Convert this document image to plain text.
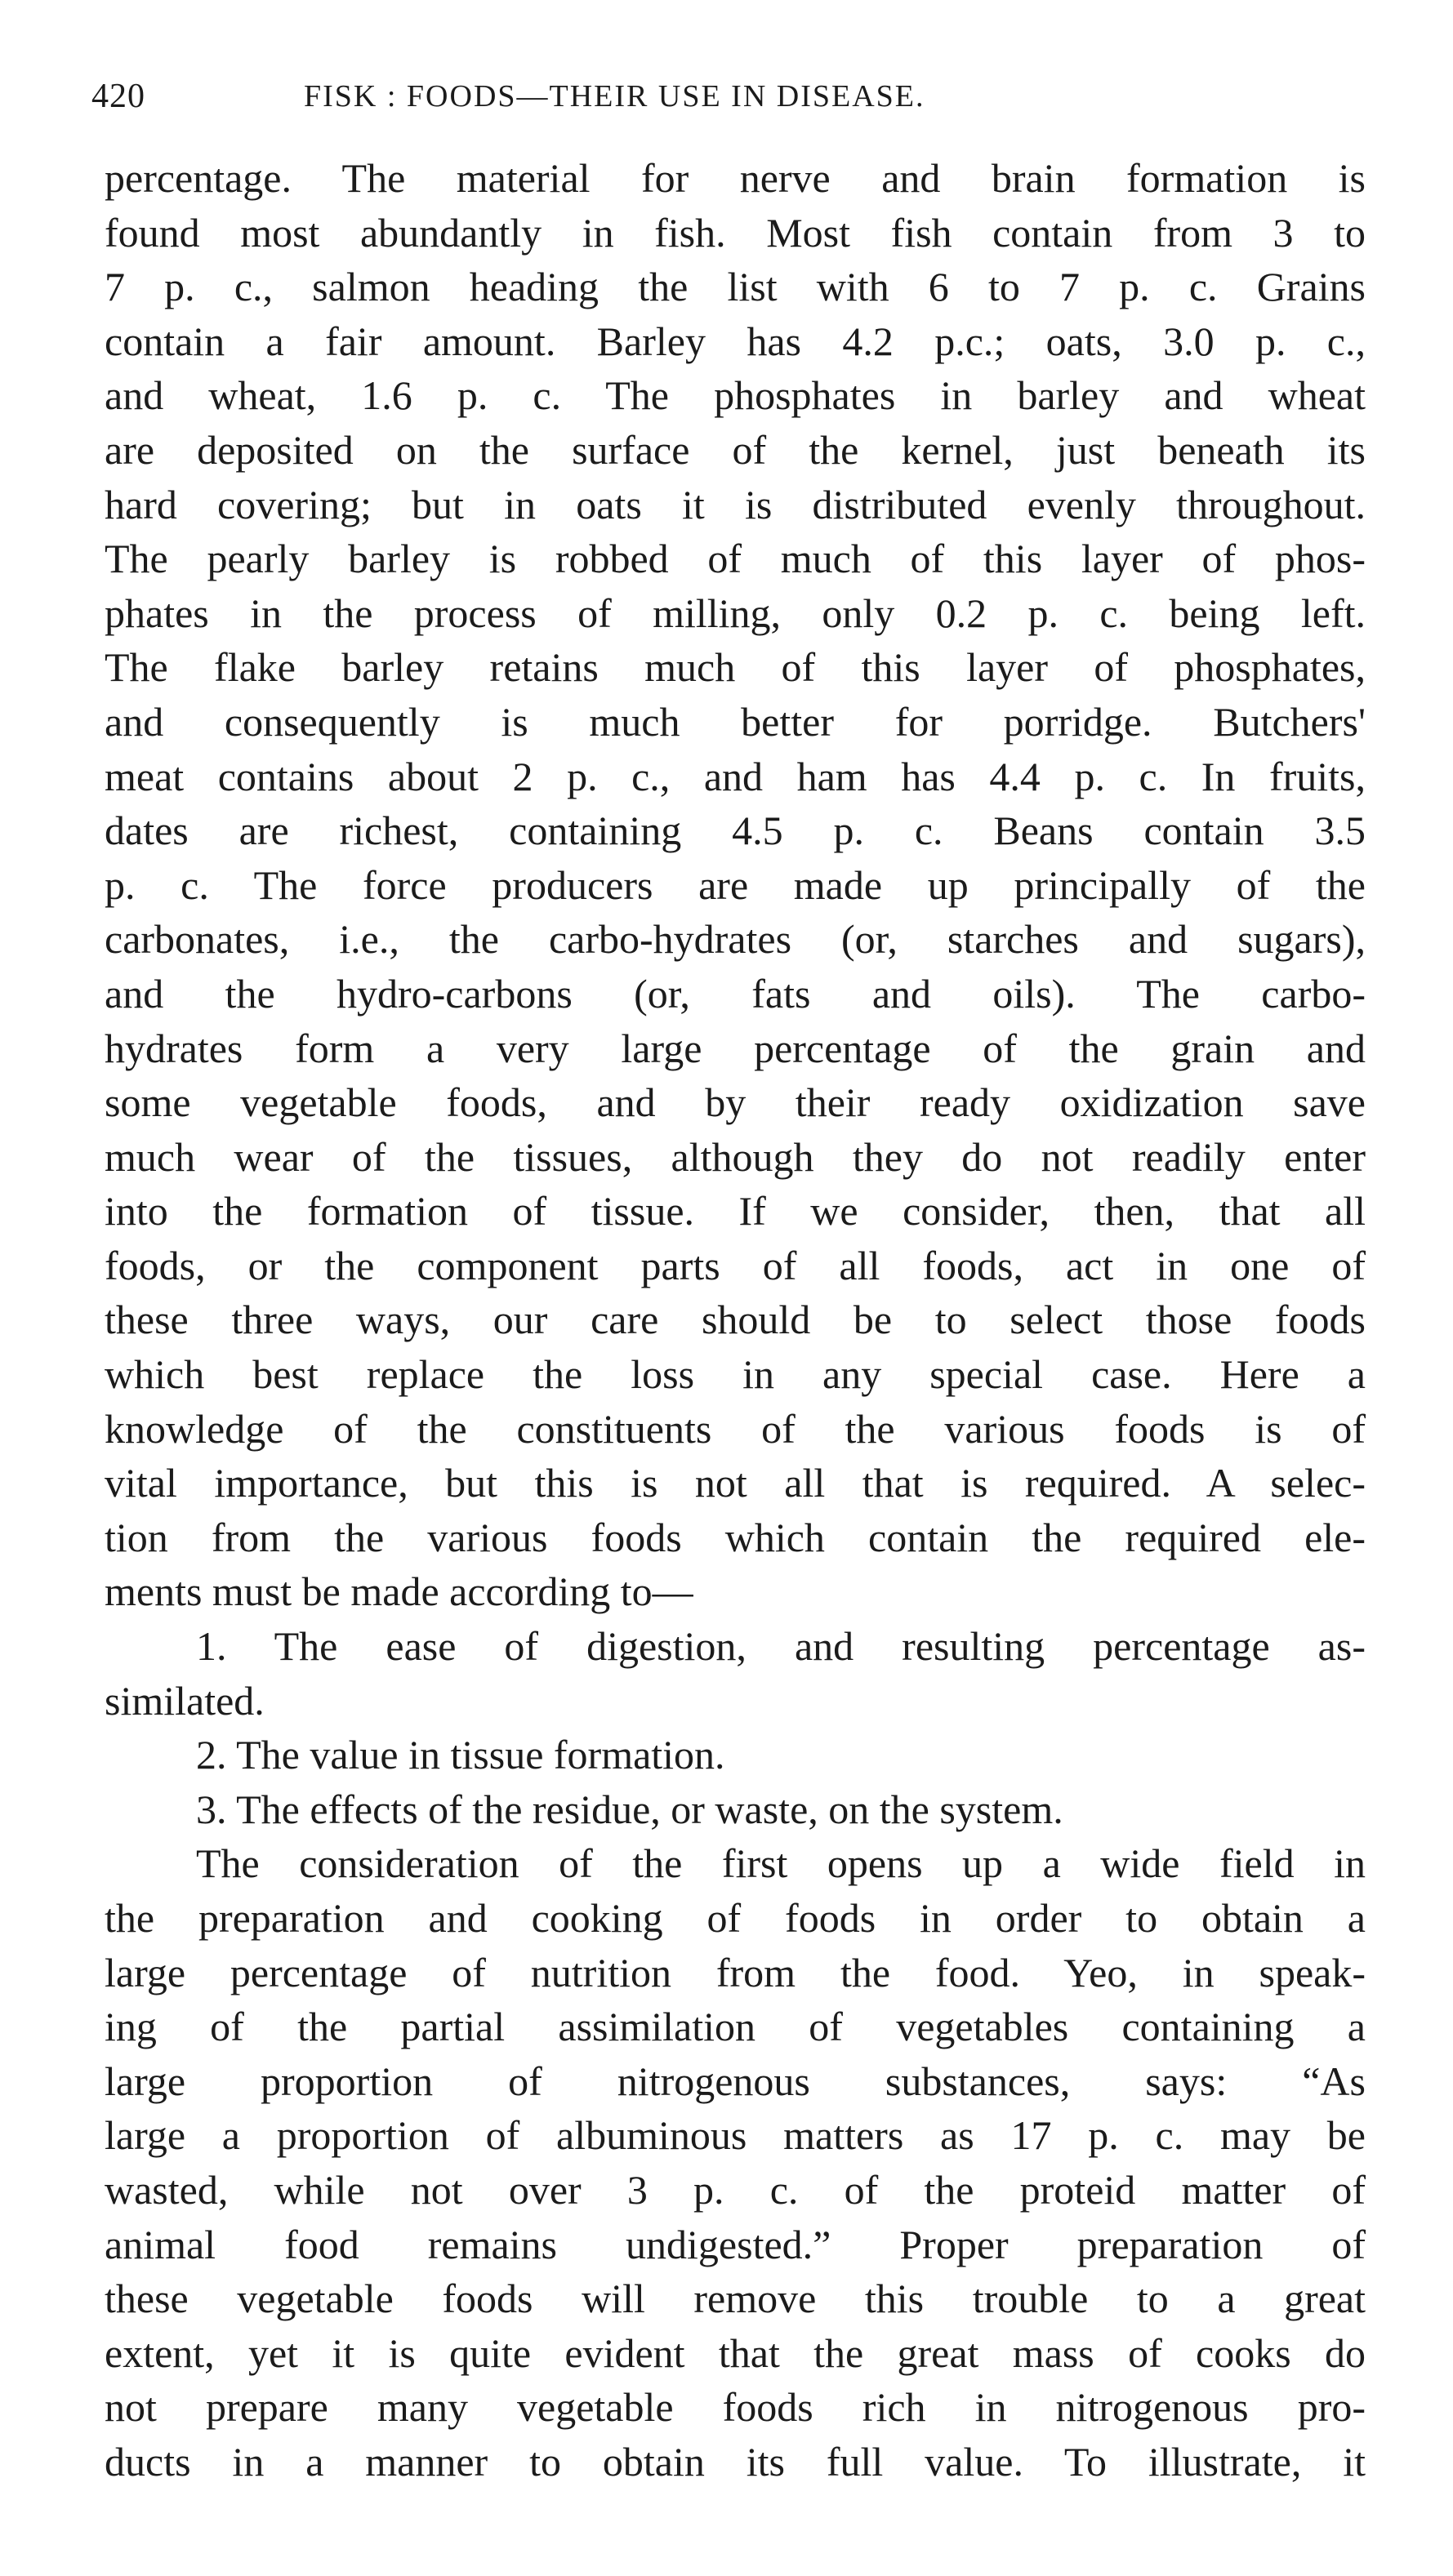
420	FISK : FOODS—THEIR USE IN DISEASE.
percentage. The material for nerve and brain formation is
found most abundantly in fish. Most fish contain from 3 to
7 p. c., salmon heading the list with 6 to 7 p. c. Grains
contain a fair amount. Barley has 4.2 p.c.; oats, 3.0 p. c.,
and wheat, 1.6 p. c. The phosphates in barley and wheat
are deposited on the surface of the kernel, just beneath its
hard covering; but in oats it is distributed evenly throughout.
The pearly barley is robbed of much of this layer of phos-
phates in the process of milling, only 0.2 p. c. being left.
The flake barley retains much of this layer of phosphates,
and consequently is much better for porridge. Butchers'
meat contains about 2 p. c., and ham has 4.4 p. c. In fruits,
dates are richest, containing 4.5 p. c. Beans contain 3.5
p. c. The force producers are made up principally of the
carbonates, i.e., the carbo-hydrates (or, starches and sugars),
and the hydro-carbons (or, fats and oils). The carbo-
hydrates form a very large percentage of the grain and
some vegetable foods, and by their ready oxidization save
much wear of the tissues, although they do not readily enter
into the formation of tissue. If we consider, then, that all
foods, or the component parts of all foods, act in one of
these three ways, our care should be to select those foods
which best replace the loss in any special case. Here a
knowledge of the constituents of the various foods is of
vital importance, but this is not all that is required. A selec-
tion from the various foods which contain the required ele-
ments must be made according to—
1. The ease of digestion, and resulting percentage as-
similated.
2. The value in tissue formation.
3. The effects of the residue, or waste, on the system.
The consideration of the first opens up a wide field in
the preparation and cooking of foods in order to obtain a
large percentage of nutrition from the food. Yeo, in speak-
ing of the partial assimilation of vegetables containing a
large proportion of nitrogenous substances, says: “As
large a proportion of albuminous matters as 17 p. c. may be
wasted, while not over 3 p. c. of the proteid matter of
animal food remains undigested.” Proper preparation of
these vegetable foods will remove this trouble to a great
extent, yet it is quite evident that the great mass of cooks do
not prepare many vegetable foods rich in nitrogenous pro-
ducts in a manner to obtain its full value. To illustrate, it
